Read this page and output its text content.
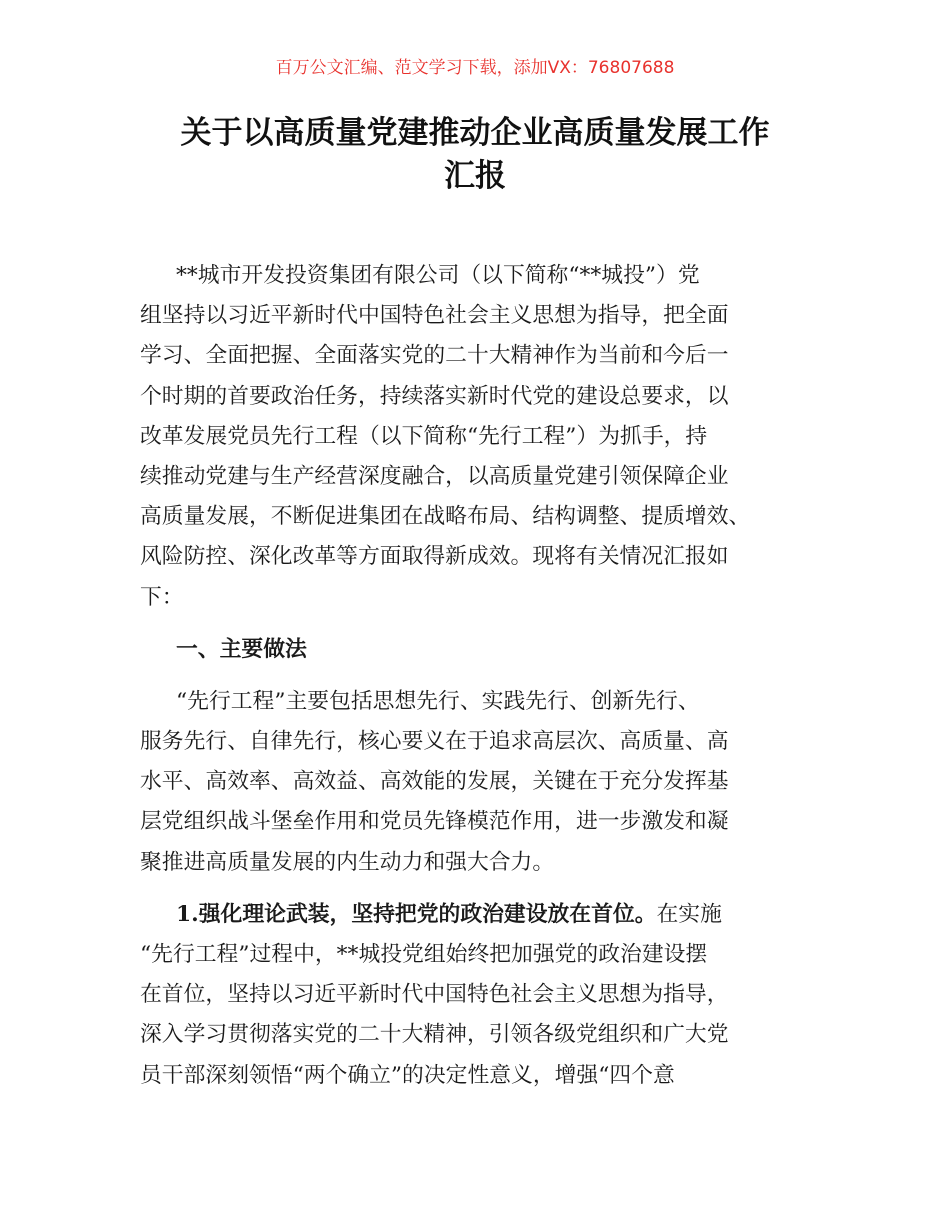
百万公文汇编、范文学习下载，添加VX：76807688
关于以高质量党建推动企业高质量发展工作
汇报

**城市开发投资集团有限公司（以下简称“**城投”）党
组坚持以习近平新时代中国特色社会主义思想为指导，把全面
学习、全面把握、全面落实党的二十大精神作为当前和今后一
个时期的首要政治任务，持续落实新时代党的建设总要求，以
改革发展党员先行工程（以下简称“先行工程”）为抓手，持
续推动党建与生产经营深度融合，以高质量党建引领保障企业
高质量发展，不断促进集团在战略布局、结构调整、提质增效、
风险防控、深化改革等方面取得新成效。现将有关情况汇报如
下：

一、主要做法

“先行工程”主要包括思想先行、实践先行、创新先行、
服务先行、自律先行，核心要义在于追求高层次、高质量、高
水平、高效率、高效益、高效能的发展，关键在于充分发挥基
层党组织战斗堡垒作用和党员先锋模范作用，进一步激发和凝
聚推进高质量发展的内生动力和强大合力。

1.强化理论武装，坚持把党的政治建设放在首位。在实施
“先行工程”过程中，**城投党组始终把加强党的政治建设摆
在首位，坚持以习近平新时代中国特色社会主义思想为指导，
深入学习贯彻落实党的二十大精神，引领各级党组织和广大党
员干部深刻领悟“两个确立”的决定性意义，增强“四个意
